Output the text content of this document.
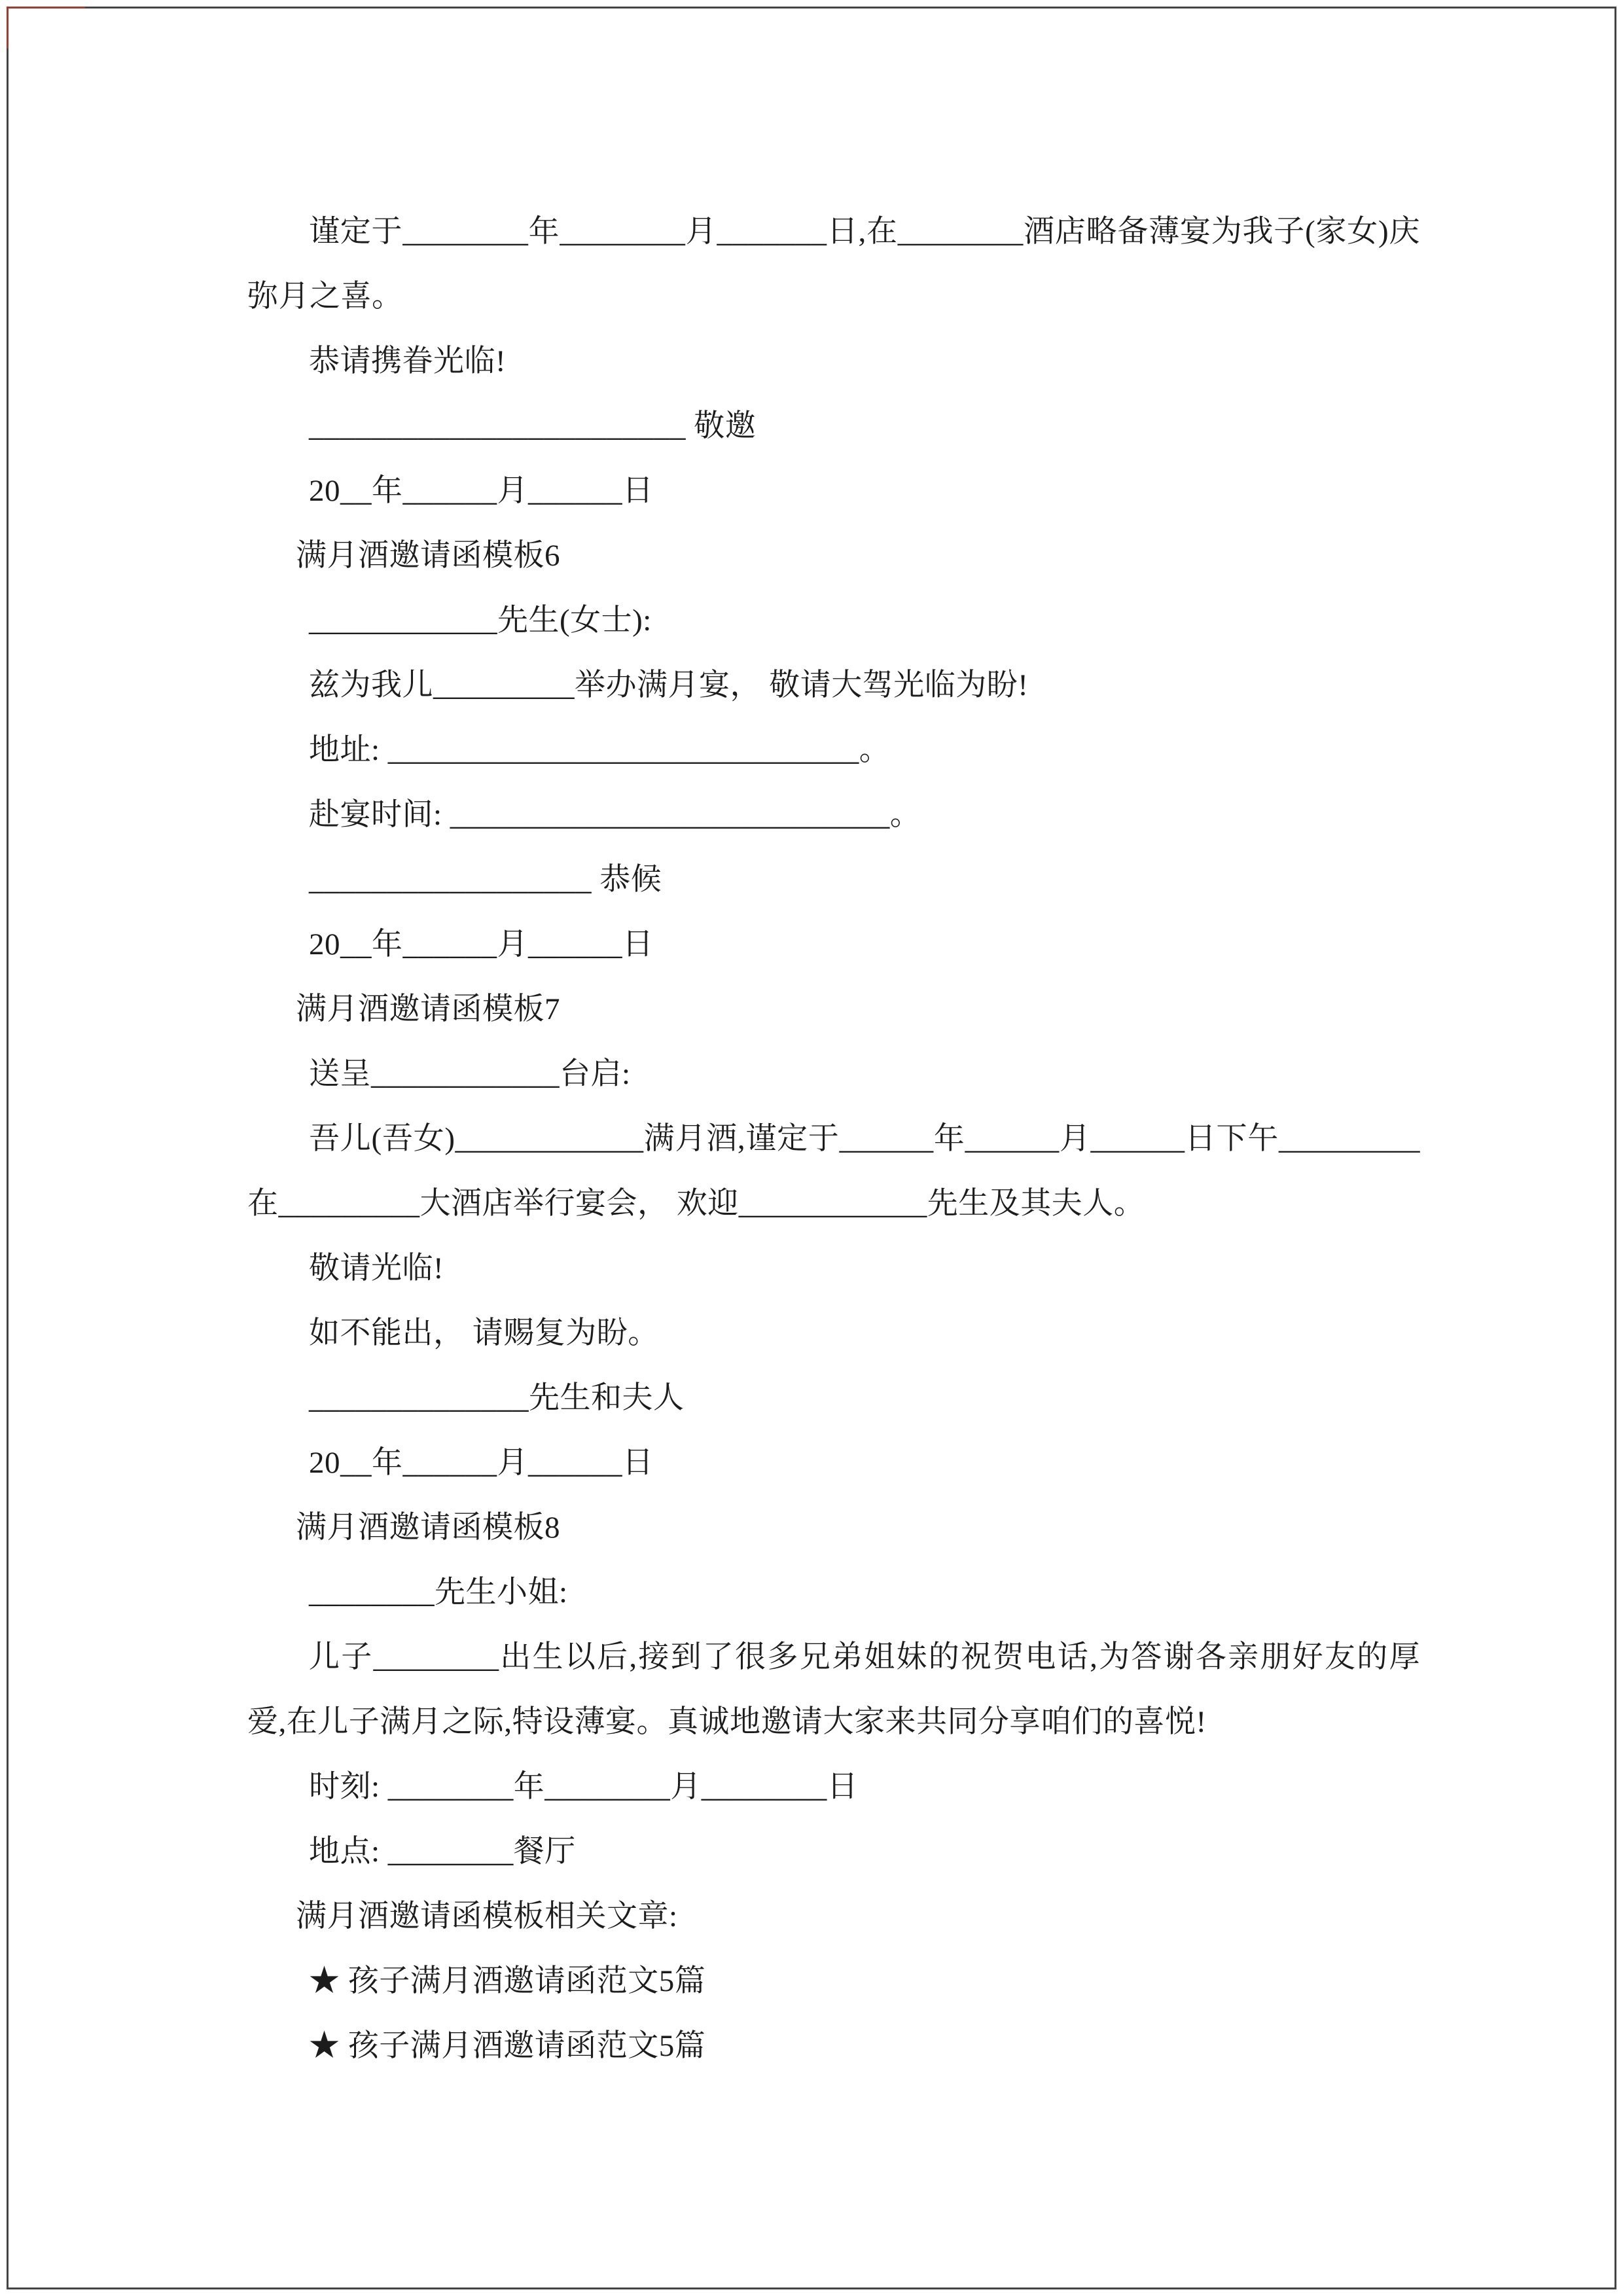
谨定于________年________月_______日,在________酒店略备薄宴为我子(家女)庆弥月之喜。

恭请携眷光临!

________________________ 敬邀

20__年______月______日

满月酒邀请函模板6

____________先生(女士):

兹为我儿_________举办满月宴， 敬请大驾光临为盼!

地址: ______________________________。

赴宴时间: ____________________________。

__________________ 恭候

20__年______月______日

满月酒邀请函模板7

送呈____________台启:

吾儿(吾女)____________满月酒,谨定于______年______月______日下午_________在_________大酒店举行宴会， 欢迎____________先生及其夫人。

敬请光临!

如不能出， 请赐复为盼。

______________先生和夫人

20__年______月______日

满月酒邀请函模板8

________先生小姐:

儿子________出生以后,接到了很多兄弟姐妹的祝贺电话,为答谢各亲朋好友的厚爱,在儿子满月之际,特设薄宴。真诚地邀请大家来共同分享咱们的喜悦!

时刻: ________年________月________日

地点: ________餐厅

满月酒邀请函模板相关文章:

★ 孩子满月酒邀请函范文5篇

★ 孩子满月酒邀请函范文5篇
